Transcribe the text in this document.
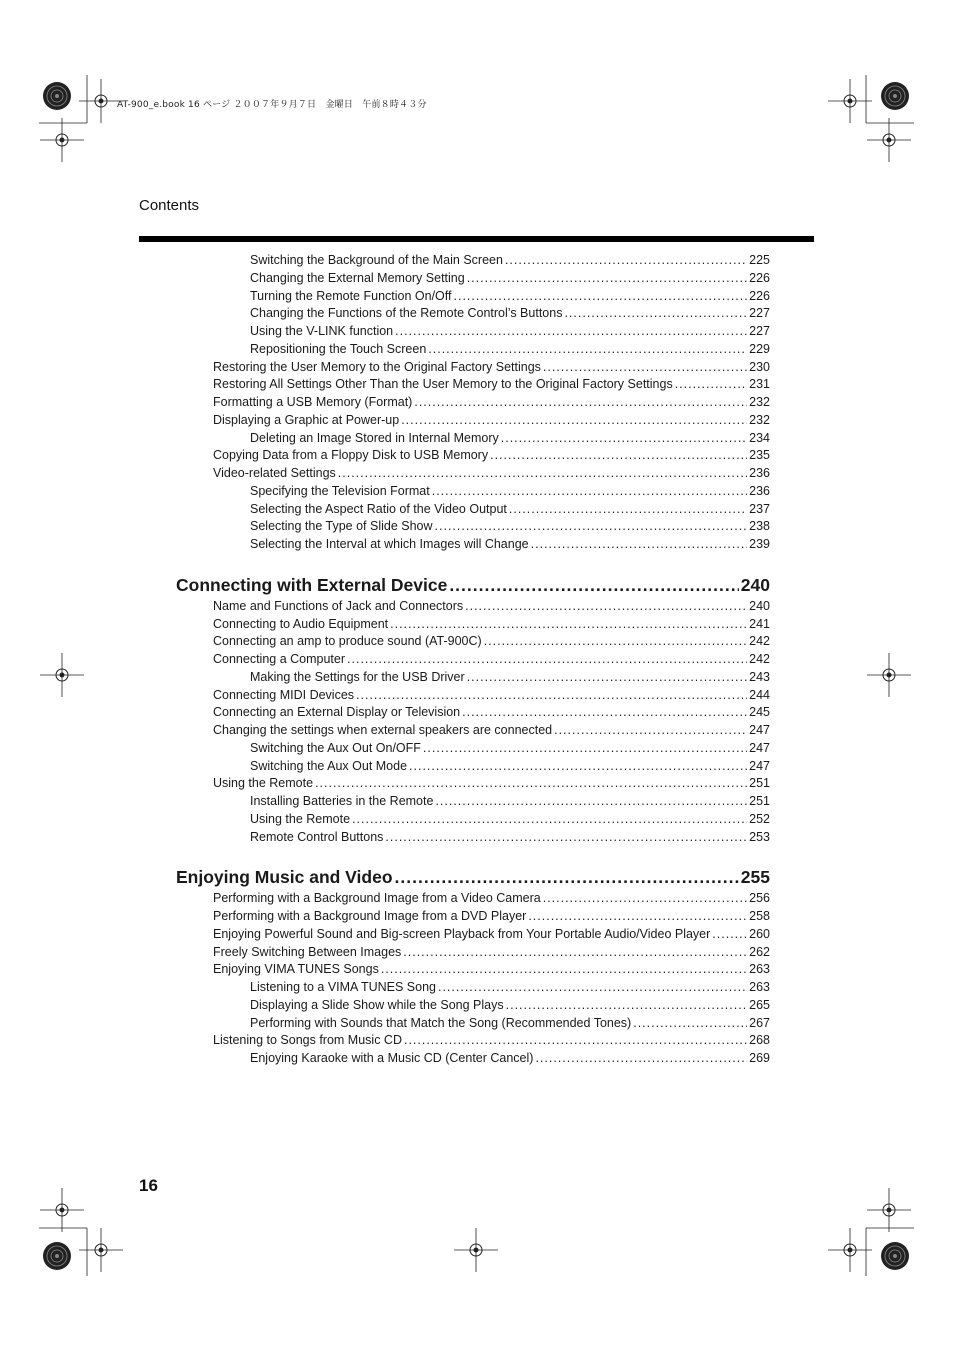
AT-900_e.book 16 ページ ２００７年９月７日　金曜日　午前８時４３分
Contents
Switching the Background of the Main Screen .....	225
Changing the External Memory Setting .....	226
Turning the Remote Function On/Off .....	226
Changing the Functions of the Remote Control’s Buttons .....	227
Using the V-LINK function .....	227
Repositioning the Touch Screen .....	229
Restoring the User Memory to the Original Factory Settings .....	230
Restoring All Settings Other Than the User Memory to the Original Factory Settings .....	231
Formatting a USB Memory (Format) .....	232
Displaying a Graphic at Power-up .....	232
Deleting an Image Stored in Internal Memory .....	234
Copying Data from a Floppy Disk to USB Memory .....	235
Video-related Settings .....	236
Specifying the Television Format .....	236
Selecting the Aspect Ratio of the Video Output .....	237
Selecting the Type of Slide Show .....	238
Selecting the Interval at which Images will Change .....	239
Connecting with External Device .....	240
Name and Functions of Jack and Connectors .....	240
Connecting to Audio Equipment .....	241
Connecting an amp to produce sound (AT-900C) .....	242
Connecting a Computer .....	242
Making the Settings for the USB Driver .....	243
Connecting MIDI Devices .....	244
Connecting an External Display or Television .....	245
Changing the settings when external speakers are connected .....	247
Switching the Aux Out On/OFF .....	247
Switching the Aux Out Mode .....	247
Using the Remote .....	251
Installing Batteries in the Remote .....	251
Using the Remote .....	252
Remote Control Buttons .....	253
Enjoying Music and Video .....	255
Performing with a Background Image from a Video Camera .....	256
Performing with a Background Image from a DVD Player .....	258
Enjoying Powerful Sound and Big-screen Playback from Your Portable Audio/Video Player .....	260
Freely Switching Between Images .....	262
Enjoying VIMA TUNES Songs .....	263
Listening to a VIMA TUNES Song .....	263
Displaying a Slide Show while the Song Plays .....	265
Performing with Sounds that Match the Song (Recommended Tones) .....	267
Listening to Songs from Music CD .....	268
Enjoying Karaoke with a Music CD (Center Cancel) .....	269
16
